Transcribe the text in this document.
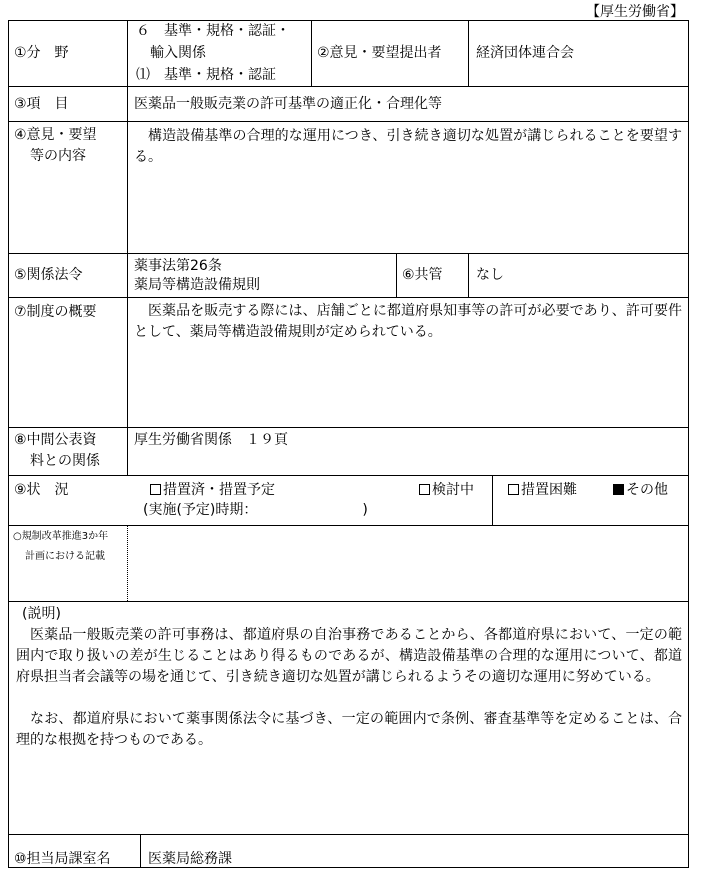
【厚生労働省】
①分　野
６　基準・規格・認証・
輸入関係
⑴　基準・規格・認証
②意見・要望提出者 経済団体連合会
③項　目	医薬品一般販売業の許可基準の適正化・合理化等
④意見・要望
等の内容
構造設備基準の合理的な運用につき、引き続き適切な処置が講じられることを要望する。
⑤関係法令
薬事法第26条
薬局等構造設備規則
⑥共管 なし
⑦制度の概要	医薬品を販売する際には、店舗ごとに都道府県知事等の許可が必要であり、許可要件として、薬局等構造設備規則が定められている。
⑧中間公表資
料との関係
厚生労働省関係　１９頁
⑨状　況	措置済・措置予定
(実施(予定)時期：　　　　　　　　)
検討中	措置困難	その他
○規制改革推進3か年
計画における記載
(説明)
医薬品一般販売業の許可事務は、都道府県の自治事務であることから、各都道府県において、一定の範囲内で取り扱いの差が生じることはあり得るものであるが、構造設備基準の合理的な運用について、都道府県担当者会議等の場を通じて、引き続き適切な処置が講じられるようその適切な運用に努めている。
なお、都道府県において薬事関係法令に基づき、一定の範囲内で条例、審査基準等を定めることは、合理的な根拠を持つものである。
⑩担当局課室名	医薬局総務課
